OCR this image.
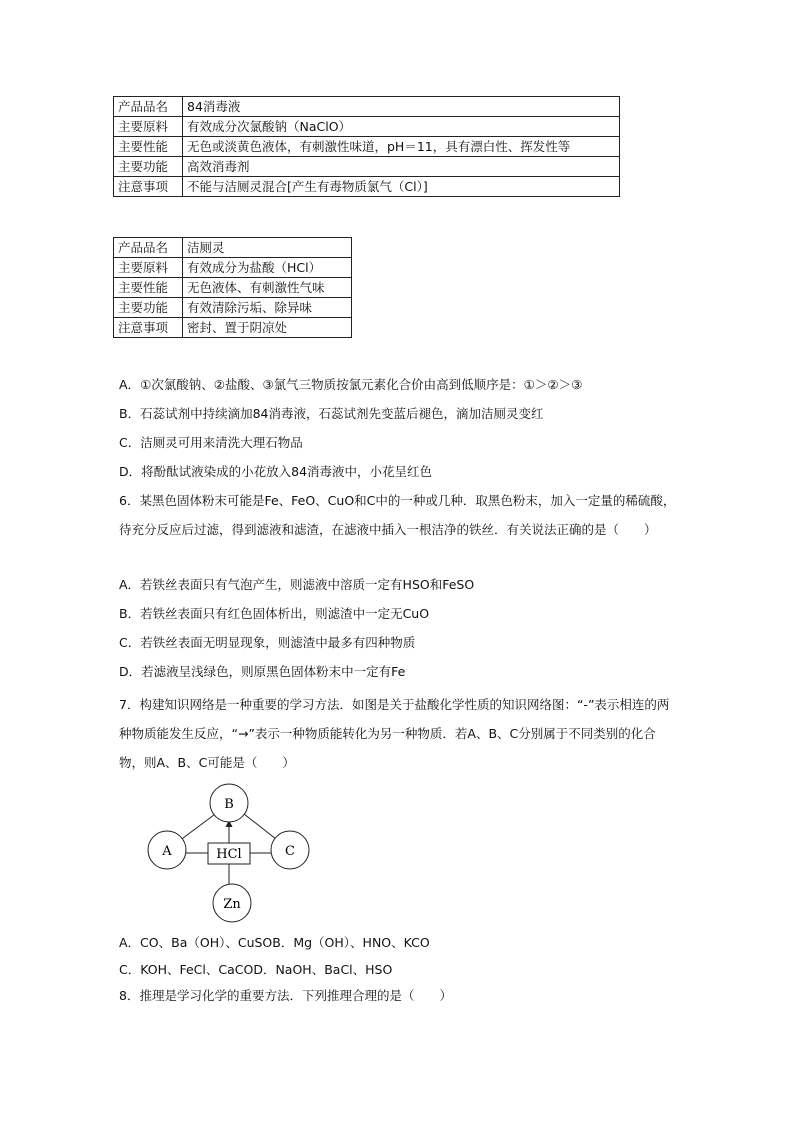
产品品名	84消毒液
主要原料	有效成分次氯酸钠（NaClO）
主要性能	无色或淡黄色液体，有刺激性味道，pH＝11，具有漂白性、挥发性等
主要功能	高效消毒剂
注意事项	不能与洁厕灵混合[产生有毒物质氯气（Cl）]
产品品名	洁厕灵
主要原料	有效成分为盐酸（HCl）
主要性能	无色液体、有刺激性气味
主要功能	有效清除污垢、除异味
注意事项	密封、置于阴凉处
A．①次氯酸钠、②盐酸、③氯气三物质按氯元素化合价由高到低顺序是：①＞②＞③
B．石蕊试剂中持续滴加84消毒液，石蕊试剂先变蓝后褪色，滴加洁厕灵变红
C．洁厕灵可用来清洗大理石物品
D．将酚酞试液染成的小花放入84消毒液中，小花呈红色
6．某黑色固体粉末可能是Fe、FeO、CuO和C中的一种或几种．取黑色粉末，加入一定量的稀硫酸，待充分反应后过滤，得到滤液和滤渣，在滤液中插入一根洁净的铁丝．有关说法正确的是（　　）
A．若铁丝表面只有气泡产生，则滤液中溶质一定有HSO和FeSO
B．若铁丝表面只有红色固体析出，则滤渣中一定无CuO
C．若铁丝表面无明显现象，则滤渣中最多有四种物质
D．若滤液呈浅绿色，则原黑色固体粉末中一定有Fe
7．构建知识网络是一种重要的学习方法．如图是关于盐酸化学性质的知识网络图：“-”表示相连的两种物质能发生反应，“→”表示一种物质能转化为另一种物质．若A、B、C分别属于不同类别的化合物，则A、B、C可能是（　　）
B
A	C
Zn
HCl
A．CO、Ba（OH）、CuSOB．Mg（OH）、HNO、KCO
C．KOH、FeCl、CaCOD．NaOH、BaCl、HSO
8．推理是学习化学的重要方法．下列推理合理的是（　　）
